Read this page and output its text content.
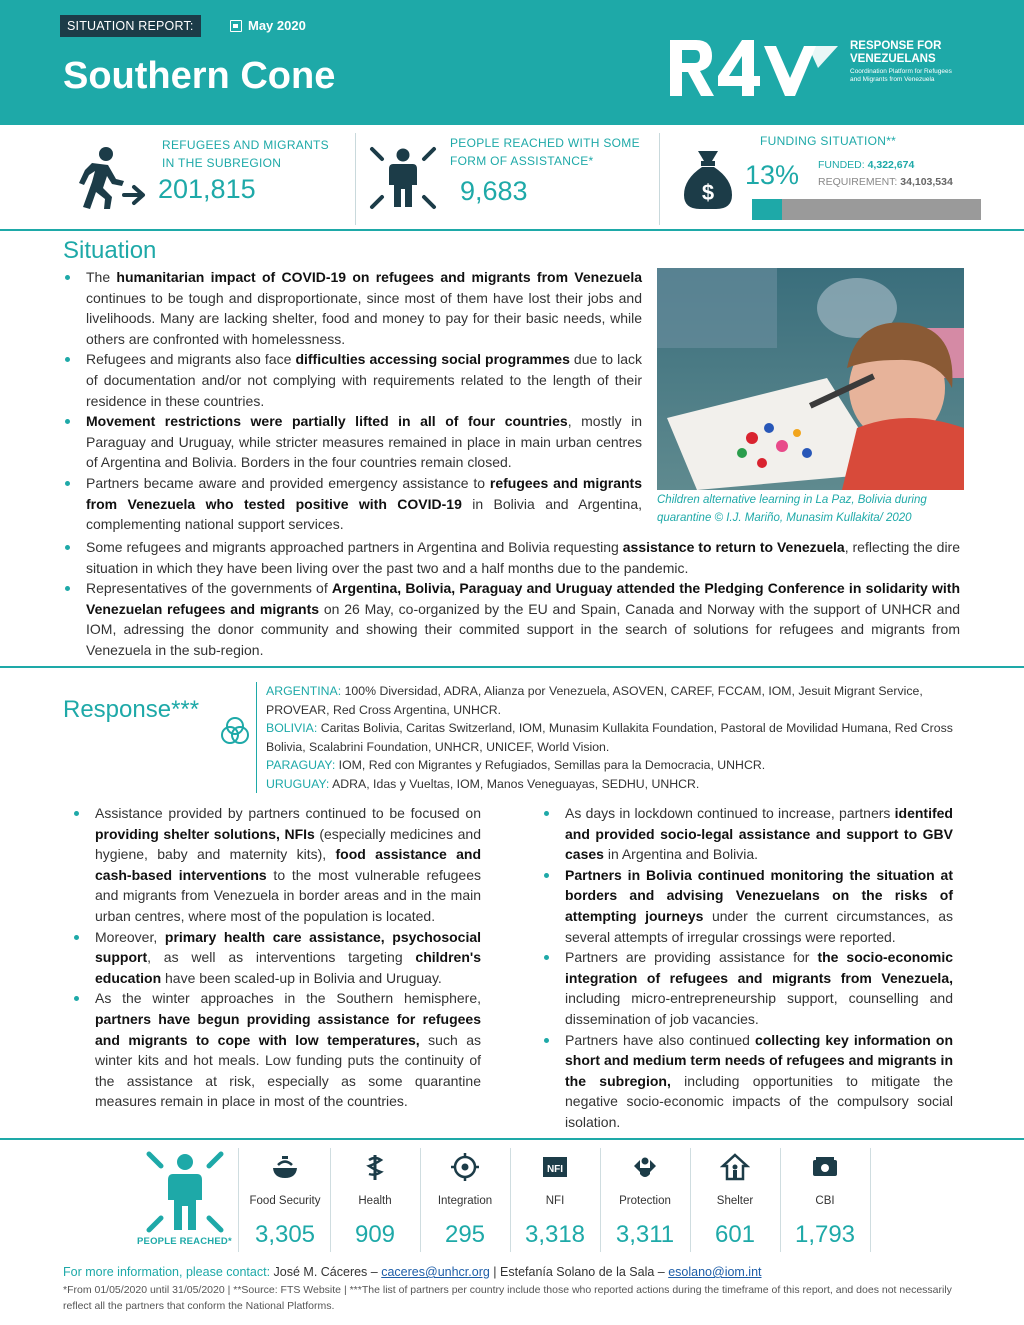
SITUATION REPORT:	May 2020
Southern Cone
RESPONSE FOR
VENEZUELANS
Coordination Platform for Refugees and Migrants from Venezuela
REFUGEES AND MIGRANTS
IN THE SUBREGION
201,815
PEOPLE REACHED WITH SOME
FORM OF ASSISTANCE*
9,683
FUNDING SITUATION**
$
13% FUNDED: 4,322,674
REQUIREMENT: 34,103,534
Situation
The humanitarian impact of COVID-19 on refugees and migrants from Venezuela continues to be tough and disproportionate, since most of them have lost their jobs and livelihoods. Many are lacking shelter, food and money to pay for their basic needs, while others are confronted with homelessness.
Refugees and migrants also face difficulties accessing social programmes due to lack of documentation and/or not complying with requirements related to the length of their residence in these countries.
Movement restrictions were partially lifted in all of four countries, mostly in Paraguay and Uruguay, while stricter measures remained in place in main urban centres of Argentina and Bolivia. Borders in the four countries remain closed.
Partners became aware and provided emergency assistance to refugees and migrants from Venezuela who tested positive with COVID-19 in Bolivia and Argentina, complementing national support services.
Children alternative learning in La Paz, Bolivia during quarantine © I.J. Mariño, Munasim Kullakita/ 2020
Some refugees and migrants approached partners in Argentina and Bolivia requesting assistance to return to Venezuela, reflecting the dire situation in which they have been living over the past two and a half months due to the pandemic.
Representatives of the governments of Argentina, Bolivia, Paraguay and Uruguay attended the Pledging Conference in solidarity with Venezuelan refugees and migrants on 26 May, co-organized by the EU and Spain, Canada and Norway with the support of UNHCR and IOM, adressing the donor community and showing their commited support in the search of solutions for refugees and migrants from Venezuela in the sub-region.
Response***
ARGENTINA: 100% Diversidad, ADRA, Alianza por Venezuela, ASOVEN, CAREF, FCCAM, IOM, Jesuit Migrant Service, PROVEAR, Red Cross Argentina, UNHCR.
BOLIVIA: Caritas Bolivia, Caritas Switzerland, IOM, Munasim Kullakita Foundation, Pastoral de Movilidad Humana, Red Cross Bolivia, Scalabrini Foundation, UNHCR, UNICEF, World Vision.
PARAGUAY: IOM, Red con Migrantes y Refugiados, Semillas para la Democracia, UNHCR.
URUGUAY: ADRA, Idas y Vueltas, IOM, Manos Veneguayas, SEDHU, UNHCR.
Assistance provided by partners continued to be focused on providing shelter solutions, NFIs (especially medicines and hygiene, baby and maternity kits), food assistance and cash-based interventions to the most vulnerable refugees and migrants from Venezuela in border areas and in the main urban centres, where most of the population is located.
Moreover, primary health care assistance, psychosocial support, as well as interventions targeting children's education have been scaled-up in Bolivia and Uruguay.
As the winter approaches in the Southern hemisphere, partners have begun providing assistance for refugees and migrants to cope with low temperatures, such as winter kits and hot meals. Low funding puts the continuity of the assistance at risk, especially as some quarantine measures remain in place in most of the countries.
As days in lockdown continued to increase, partners identifed and provided socio-legal assistance and support to GBV cases in Argentina and Bolivia.
Partners in Bolivia continued monitoring the situation at borders and advising Venezuelans on the risks of attempting journeys under the current circumstances, as several attempts of irregular crossings were reported.
Partners are providing assistance for the socio-economic integration of refugees and migrants from Venezuela, including micro-entrepreneurship support, counselling and dissemination of job vacancies.
Partners have also continued collecting key information on short and medium term needs of refugees and migrants in the subregion, including opportunities to mitigate the negative socio-economic impacts of the compulsory social isolation.
PEOPLE REACHED*
Food Security
3,305
Health
909
Integration
295
NFI
NFI
3,318
Protection
3,311
Shelter
601
CBI
1,793
For more information, please contact: José M. Cáceres – caceres@unhcr.org | Estefanía Solano de la Sala – esolano@iom.int
*From 01/05/2020 until 31/05/2020 | **Source: FTS Website | ***The list of partners per country include those who reported actions during the timeframe of this report, and does not necessarily reflect all the partners that conform the National Platforms.
